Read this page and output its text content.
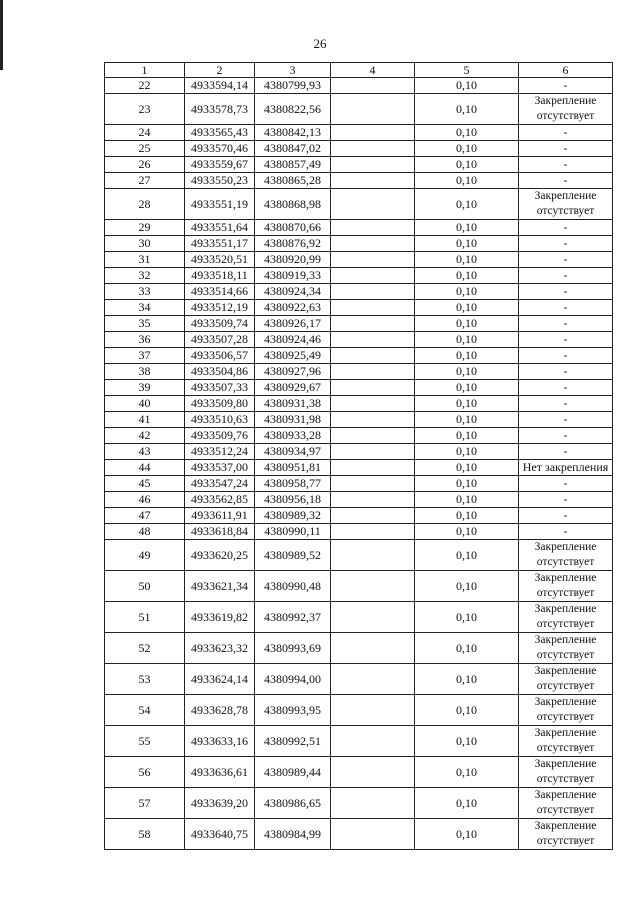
26
1	2	3	4	5	6
22	4933594,14	4380799,93		0,10	-
23	4933578,73	4380822,56		0,10	Закрепление отсутствует
24	4933565,43	4380842,13		0,10	-
25	4933570,46	4380847,02		0,10	-
26	4933559,67	4380857,49		0,10	-
27	4933550,23	4380865,28		0,10	-
28	4933551,19	4380868,98		0,10	Закрепление отсутствует
29	4933551,64	4380870,66		0,10	-
30	4933551,17	4380876,92		0,10	-
31	4933520,51	4380920,99		0,10	-
32	4933518,11	4380919,33		0,10	-
33	4933514,66	4380924,34		0,10	-
34	4933512,19	4380922,63		0,10	-
35	4933509,74	4380926,17		0,10	-
36	4933507,28	4380924,46		0,10	-
37	4933506,57	4380925,49		0,10	-
38	4933504,86	4380927,96		0,10	-
39	4933507,33	4380929,67		0,10	-
40	4933509,80	4380931,38		0,10	-
41	4933510,63	4380931,98		0,10	-
42	4933509,76	4380933,28		0,10	-
43	4933512,24	4380934,97		0,10	-
44	4933537,00	4380951,81		0,10	Нет закрепления
45	4933547,24	4380958,77		0,10	-
46	4933562,85	4380956,18		0,10	-
47	4933611,91	4380989,32		0,10	-
48	4933618,84	4380990,11		0,10	-
49	4933620,25	4380989,52		0,10	Закрепление отсутствует
50	4933621,34	4380990,48		0,10	Закрепление отсутствует
51	4933619,82	4380992,37		0,10	Закрепление отсутствует
52	4933623,32	4380993,69		0,10	Закрепление отсутствует
53	4933624,14	4380994,00		0,10	Закрепление отсутствует
54	4933628,78	4380993,95		0,10	Закрепление отсутствует
55	4933633,16	4380992,51		0,10	Закрепление отсутствует
56	4933636,61	4380989,44		0,10	Закрепление отсутствует
57	4933639,20	4380986,65		0,10	Закрепление отсутствует
58	4933640,75	4380984,99		0,10	Закрепление отсутствует
